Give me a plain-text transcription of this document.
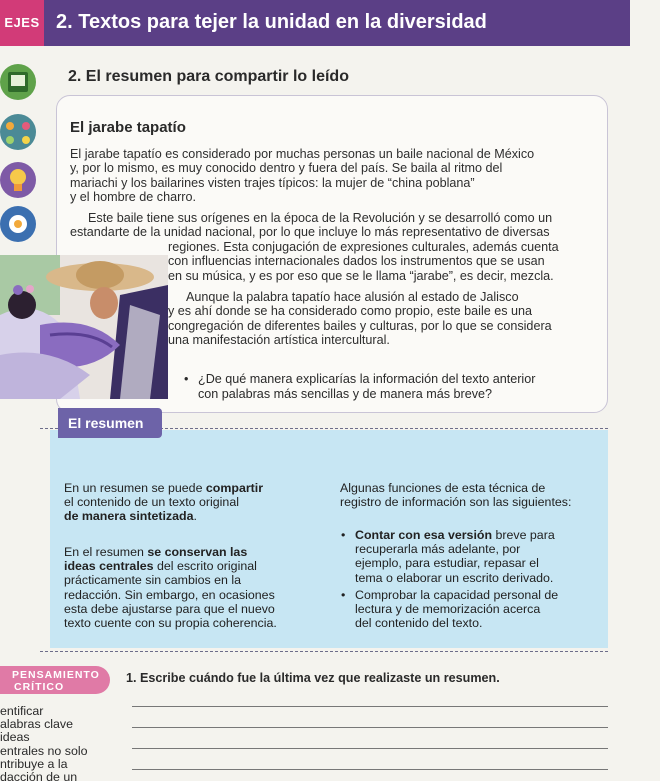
EJES 2. Textos para tejer la unidad en la diversidad
2. El resumen para compartir lo leído
El jarabe tapatío
El jarabe tapatío es considerado por muchas personas un baile nacional de México
y, por lo mismo, es muy conocido dentro y fuera del país. Se baila al ritmo del
mariachi y los bailarines visten trajes típicos: la mujer de “china poblana”
y el hombre de charro.
Este baile tiene sus orígenes en la época de la Revolución y se desarrolló como un
estandarte de la unidad nacional, por lo que incluye lo más representativo de diversas
regiones. Esta conjugación de expresiones culturales, además cuenta
con influencias internacionales dados los instrumentos que se usan
en su música, y es por eso que se le llama “jarabe”, es decir, mezcla.
Aunque la palabra tapatío hace alusión al estado de Jalisco
y es ahí donde se ha considerado como propio, este baile es una
congregación de diferentes bailes y culturas, por lo que se considera
una manifestación artística intercultural.
• ¿De qué manera explicarías la información del texto anterior
con palabras más sencillas y de manera más breve?
El resumen
En un resumen se puede compartir
el contenido de un texto original
de manera sintetizada.
En el resumen se conservan las
ideas centrales del escrito original
prácticamente sin cambios en la
redacción. Sin embargo, en ocasiones
esta debe ajustarse para que el nuevo
texto cuente con su propia coherencia.
Algunas funciones de esta técnica de
registro de información son las siguientes:
• Contar con esa versión breve para
recuperarla más adelante, por
ejemplo, para estudiar, repasar el
tema o elaborar un escrito derivado.
• Comprobar la capacidad personal de
lectura y de memorización acerca
del contenido del texto.
PENSAMIENTO
CRÍTICO
1. Escribe cuándo fue la última vez que realizaste un resumen.
entificar
alabras clave
ideas
entrales no solo
ntribuye a la
dacción de un
